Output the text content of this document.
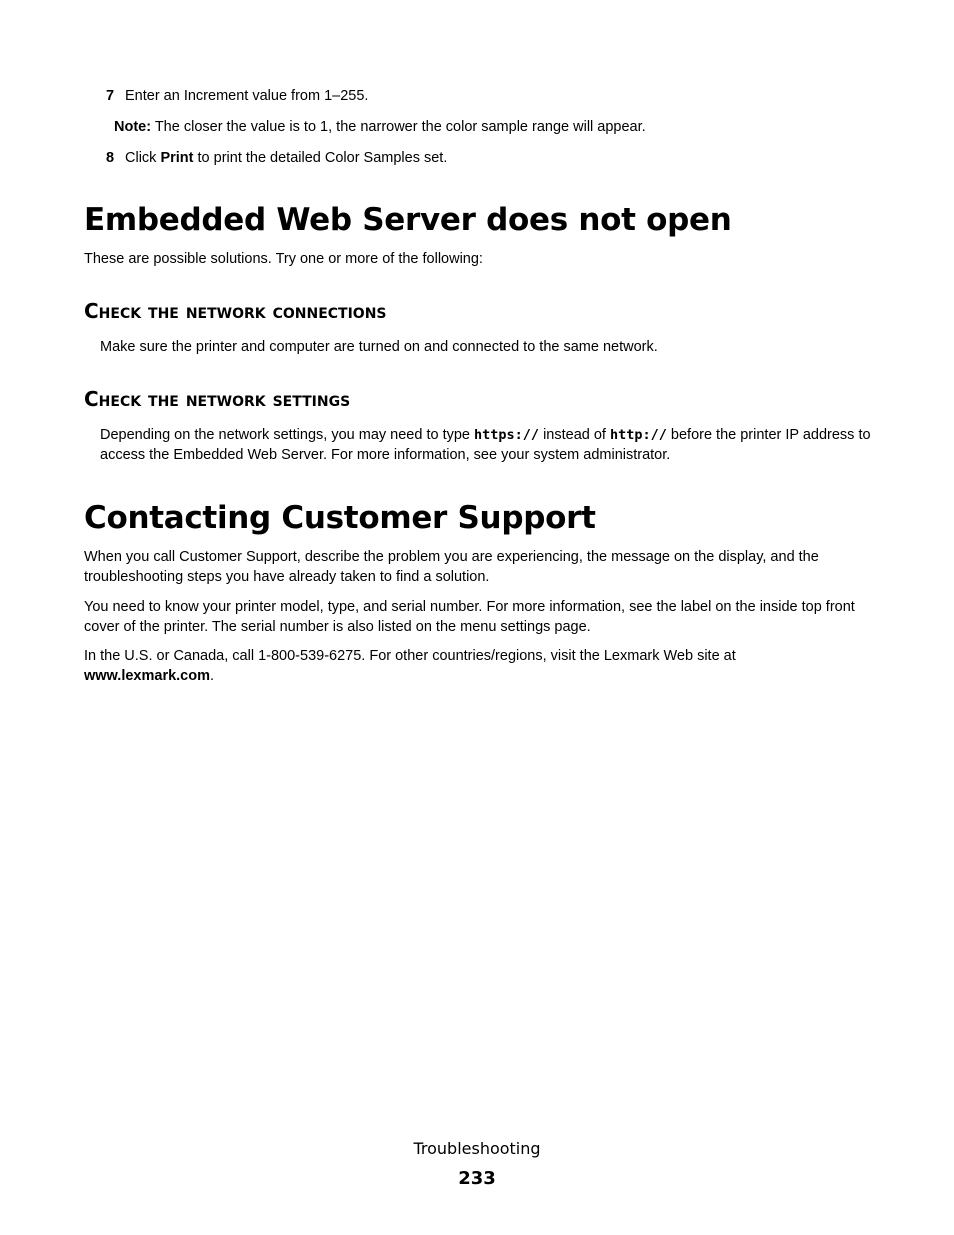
7 Enter an Increment value from 1–255.
Note: The closer the value is to 1, the narrower the color sample range will appear.
8 Click Print to print the detailed Color Samples set.
Embedded Web Server does not open

These are possible solutions. Try one or more of the following:

Check the network connections

Make sure the printer and computer are turned on and connected to the same network.

Check the network settings

Depending on the network settings, you may need to type https:// instead of http:// before the printer IP address to access the Embedded Web Server. For more information, see your system administrator.

Contacting Customer Support

When you call Customer Support, describe the problem you are experiencing, the message on the display, and the troubleshooting steps you have already taken to find a solution.

You need to know your printer model, type, and serial number. For more information, see the label on the inside top front cover of the printer. The serial number is also listed on the menu settings page.

In the U.S. or Canada, call 1-800-539-6275. For other countries/regions, visit the Lexmark Web site at
www.lexmark.com.

Troubleshooting
233
